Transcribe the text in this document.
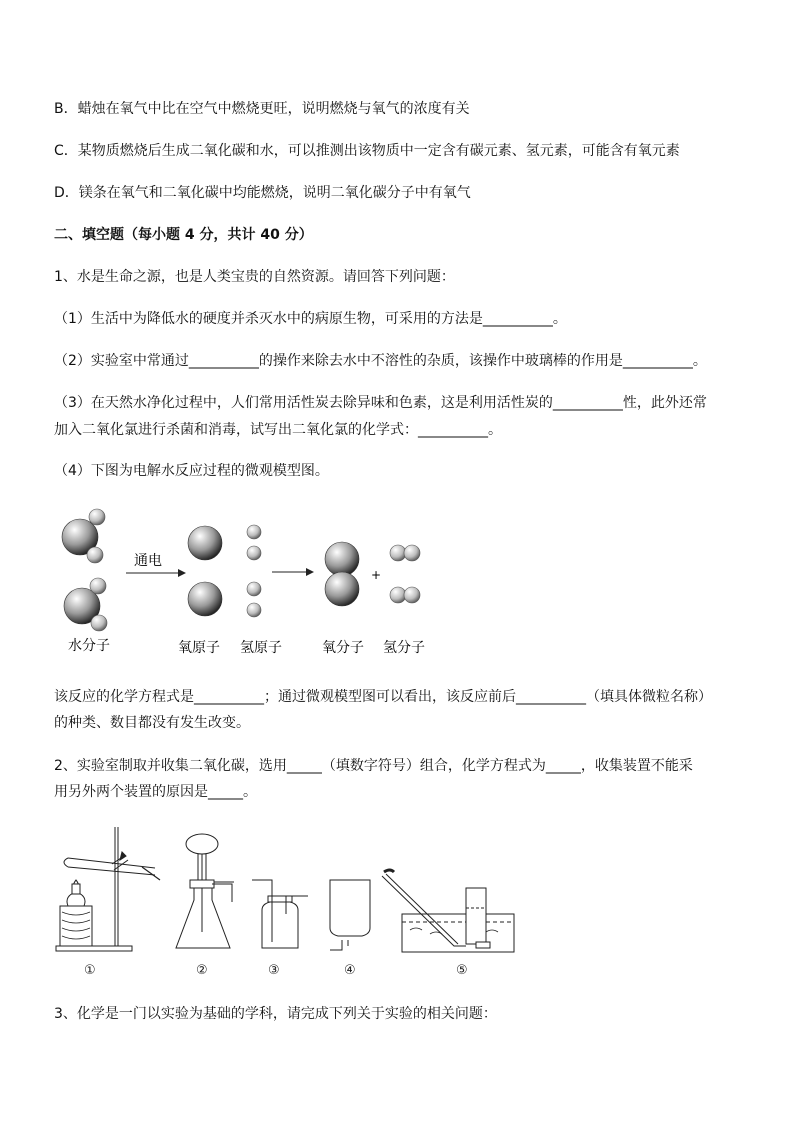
B．蜡烛在氧气中比在空气中燃烧更旺，说明燃烧与氧气的浓度有关
C．某物质燃烧后生成二氧化碳和水，可以推测出该物质中一定含有碳元素、氢元素，可能含有氧元素
D．镁条在氧气和二氧化碳中均能燃烧，说明二氧化碳分子中有氧气
二、填空题（每小题 4 分，共计 40 分）
1、水是生命之源，也是人类宝贵的自然资源。请回答下列问题：
（1）生活中为降低水的硬度并杀灭水中的病原生物，可采用的方法是__________。
（2）实验室中常通过__________的操作来除去水中不溶性的杂质，该操作中玻璃棒的作用是__________。
（3）在天然水净化过程中，人们常用活性炭去除异味和色素，这是利用活性炭的__________性，此外还常
加入二氧化氯进行杀菌和消毒，试写出二氧化氯的化学式：__________。
（4）下图为电解水反应过程的微观模型图。
水分子
通电
氧原子 氢原子	氧分子
+
氢分子
该反应的化学方程式是__________；通过微观模型图可以看出，该反应前后__________（填具体微粒名称）
的种类、数目都没有发生改变。
2、实验室制取并收集二氧化碳，选用_____（填数字符号）组合，化学方程式为_____，收集装置不能采
用另外两个装置的原因是_____。
①	②	③	④	⑤
3、化学是一门以实验为基础的学科，请完成下列关于实验的相关问题：
